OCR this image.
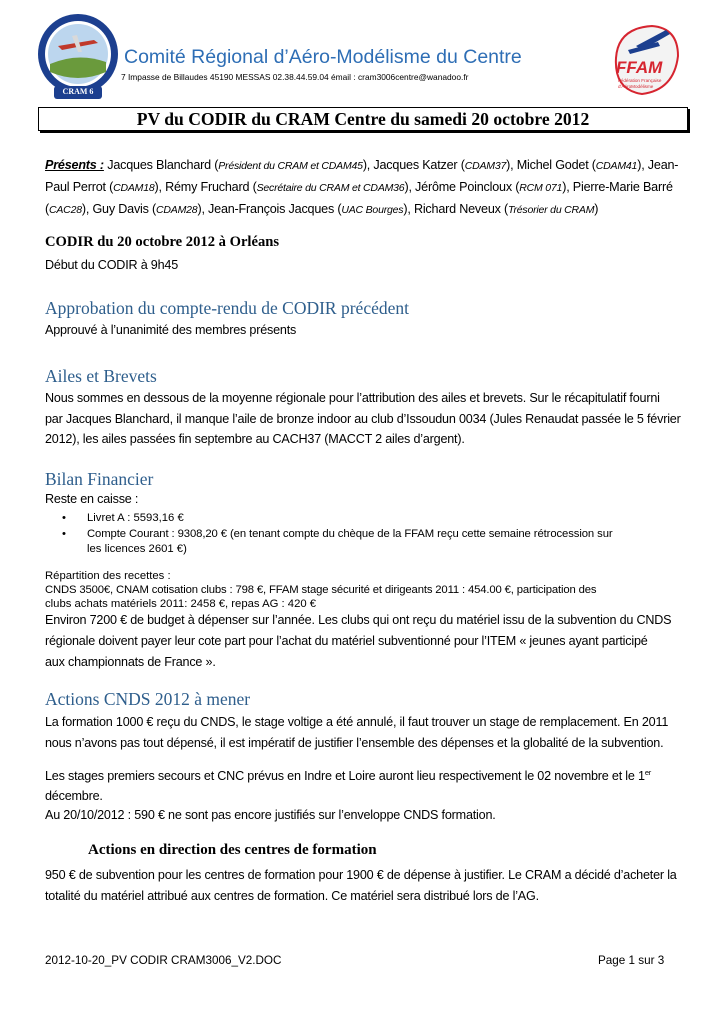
CRAM 6
Comité Régional d’Aéro-Modélisme du Centre
7 Impasse de Billaudes 45190 MESSAS 02.38.44.59.04 émail : cram3006centre@wanadoo.fr	FFAM
Fédération Française d'AéroModélisme
PV du CODIR du CRAM Centre du samedi 20 octobre 2012
Présents : Jacques Blanchard (Président du CRAM et CDAM45), Jacques Katzer (CDAM37), Michel Godet (CDAM41), Jean-Paul Perrot (CDAM18), Rémy Fruchard (Secrétaire du CRAM et CDAM36), Jérôme Poincloux (RCM 071), Pierre-Marie Barré (CAC28), Guy Davis (CDAM28), Jean-François Jacques (UAC Bourges), Richard Neveux (Trésorier du CRAM)
CODIR du 20 octobre 2012 à Orléans
Début du CODIR à 9h45
Approbation du compte-rendu de CODIR précédent
Approuvé à l’unanimité des membres présents
Ailes et Brevets

Nous sommes en dessous de la moyenne régionale pour l’attribution des ailes et brevets. Sur le récapitulatif fourni

par Jacques Blanchard, il manque l’aile de bronze indoor au club d’Issoudun 0034 (Jules Renaudat passée le 5 février

2012), les ailes passées fin septembre au CACH37 (MACCT 2 ailes d’argent).

Bilan Financier
Reste en caisse :
• Livret A : 5593,16 €
• Compte Courant : 9308,20 € (en tenant compte du chèque de la FFAM reçu cette semaine rétrocession sur
les licences 2601 €)
Répartition des recettes :
CNDS 3500€, CNAM cotisation clubs : 798 €, FFAM stage sécurité et dirigeants 2011 : 454.00 €, participation des
clubs achats matériels 2011: 2458 €, repas AG : 420 €

Environ 7200 € de budget à dépenser sur l’année. Les clubs qui ont reçu du matériel issu de la subvention du CNDS

régionale doivent payer leur cote part pour l’achat du matériel subventionné pour l’ITEM « jeunes ayant participé

aux championnats de France ».

Actions CNDS 2012 à mener

La formation 1000 € reçu du CNDS, le stage voltige a été annulé, il faut trouver un stage de remplacement. En 2011

nous n’avons pas tout dépensé, il est impératif de justifier l’ensemble des dépenses et la globalité de la subvention.

Les stages premiers secours et CNC prévus en Indre et Loire auront lieu respectivement le 02 novembre et le 1er

décembre.

Au 20/10/2012 : 590 € ne sont pas encore justifiés sur l’enveloppe CNDS formation.
Actions en direction des centres de formation

950 € de subvention pour les centres de formation pour 1900 € de dépense à justifier. Le CRAM a décidé d’acheter la

totalité du matériel attribué aux centres de formation. Ce matériel sera distribué lors de l’AG.

2012-10-20_PV CODIR CRAM3006_V2.DOC	Page 1 sur 3
